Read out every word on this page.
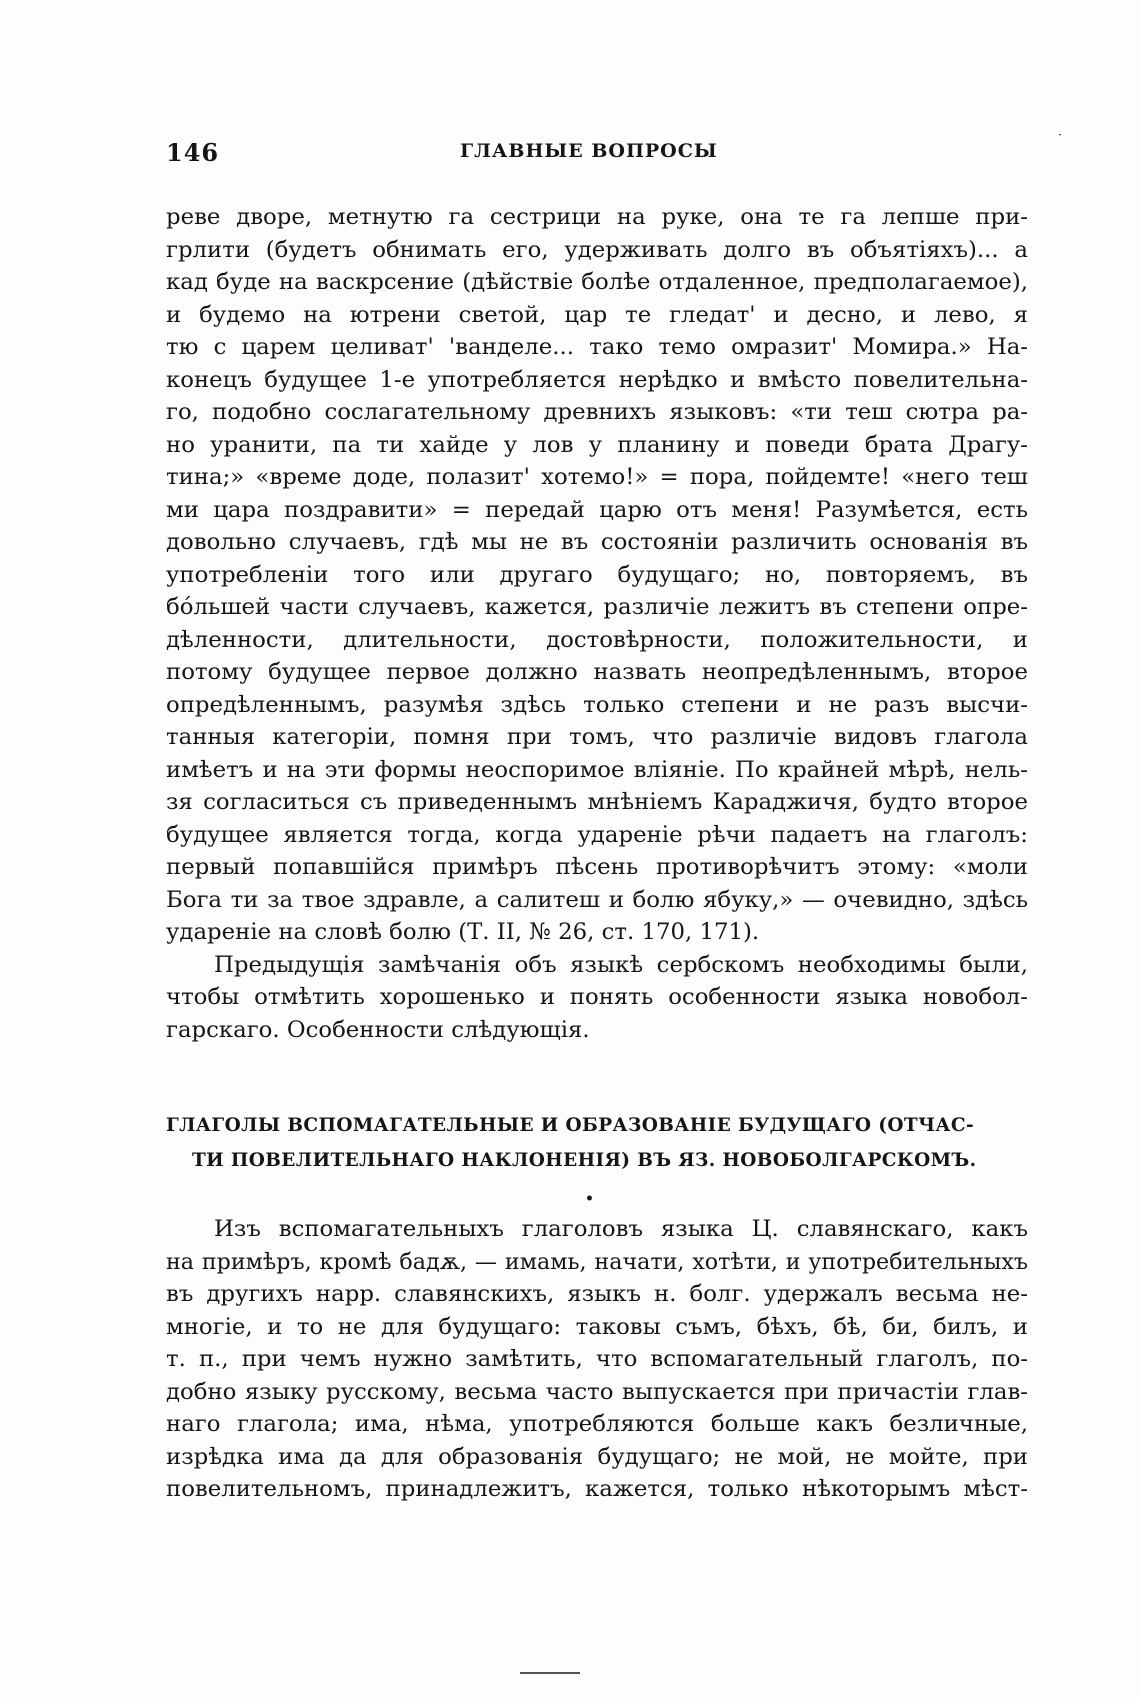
·
146	ГЛАВНЫЕ ВОПРОСЫ
реве дворе, метнутю га сестрици на руке, она те га лепше при-
грлити (будетъ обнимать его, удерживать долго въ объятіяхъ)... а
кад буде на васкрсение (дѣйствіе болѣе отдаленное, предполагаемое),
и будемо на ютрени светой, цар те гледат' и десно, и лево, я
тю с царем целиват' 'ванделе... тако темо омразит' Момира.» На-
конецъ будущее 1-е употребляется нерѣдко и вмѣсто повелительна-
го, подобно сослагательному древнихъ языковъ: «ти теш сютра ра-
но уранити, па ти хайде у лов у планину и поведи брата Драгу-
тина;» «време доде, полазит' хотемо!» = пора, пойдемте! «него теш
ми цара поздравити» = передай царю отъ меня! Разумѣется, есть
довольно случаевъ, гдѣ мы не въ состояніи различить основанія въ
употребленіи того или другаго будущаго; но, повторяемъ, въ
бóльшей части случаевъ, кажется, различіе лежитъ въ степени опре-
дѣленности, длительности, достовѣрности, положительности, и
потому будущее первое должно назвать неопредѣленнымъ, второе
опредѣленнымъ, разумѣя здѣсь только степени и не разъ высчи-
танныя категоріи, помня при томъ, что различіе видовъ глагола
имѣетъ и на эти формы неоспоримое вліяніе. По крайней мѣрѣ, нель-
зя согласиться съ приведеннымъ мнѣніемъ Караджичя, будто второе
будущее является тогда, когда удареніе рѣчи падаетъ на глаголъ:
первый попавшійся примѣръ пѣсень противорѣчитъ этому: «моли
Бога ти за твое здравле, а салитеш и болю ябуку,» — очевидно, здѣсь
удареніе на словѣ болю (Т. II, № 26, ст. 170, 171).
Предыдущія замѣчанія объ языкѣ сербскомъ необходимы были,
чтобы отмѣтить хорошенько и понять особенности языка новобол-
гарскаго. Особенности слѣдующія.
ГЛАГОЛЫ ВСПОМАГАТЕЛЬНЫЕ И ОБРАЗОВАНІЕ БУДУЩАГО (ОТЧАС-
ТИ ПОВЕЛИТЕЛЬНАГО НАКЛОНЕНІЯ) ВЪ ЯЗ. НОВОБОЛГАРСКОМЪ.
•
Изъ вспомагательныхъ глаголовъ языка Ц. славянскаго, какъ
на примѣръ, кромѣ бадѫ, — имамь, начати, хотѣти, и употребительныхъ
въ другихъ нарр. славянскихъ, языкъ н. болг. удержалъ весьма не-
многіе, и то не для будущаго: таковы съмъ, бѣхъ, бѣ, би, билъ, и
т. п., при чемъ нужно замѣтить, что вспомагательный глаголъ, по-
добно языку русскому, весьма часто выпускается при причастіи глав-
наго глагола; има, нѣма, употребляются больше какъ безличные,
изрѣдка има да для образованія будущаго; не мой, не мойте, при
повелительномъ, принадлежитъ, кажется, только нѣкоторымъ мѣст-
